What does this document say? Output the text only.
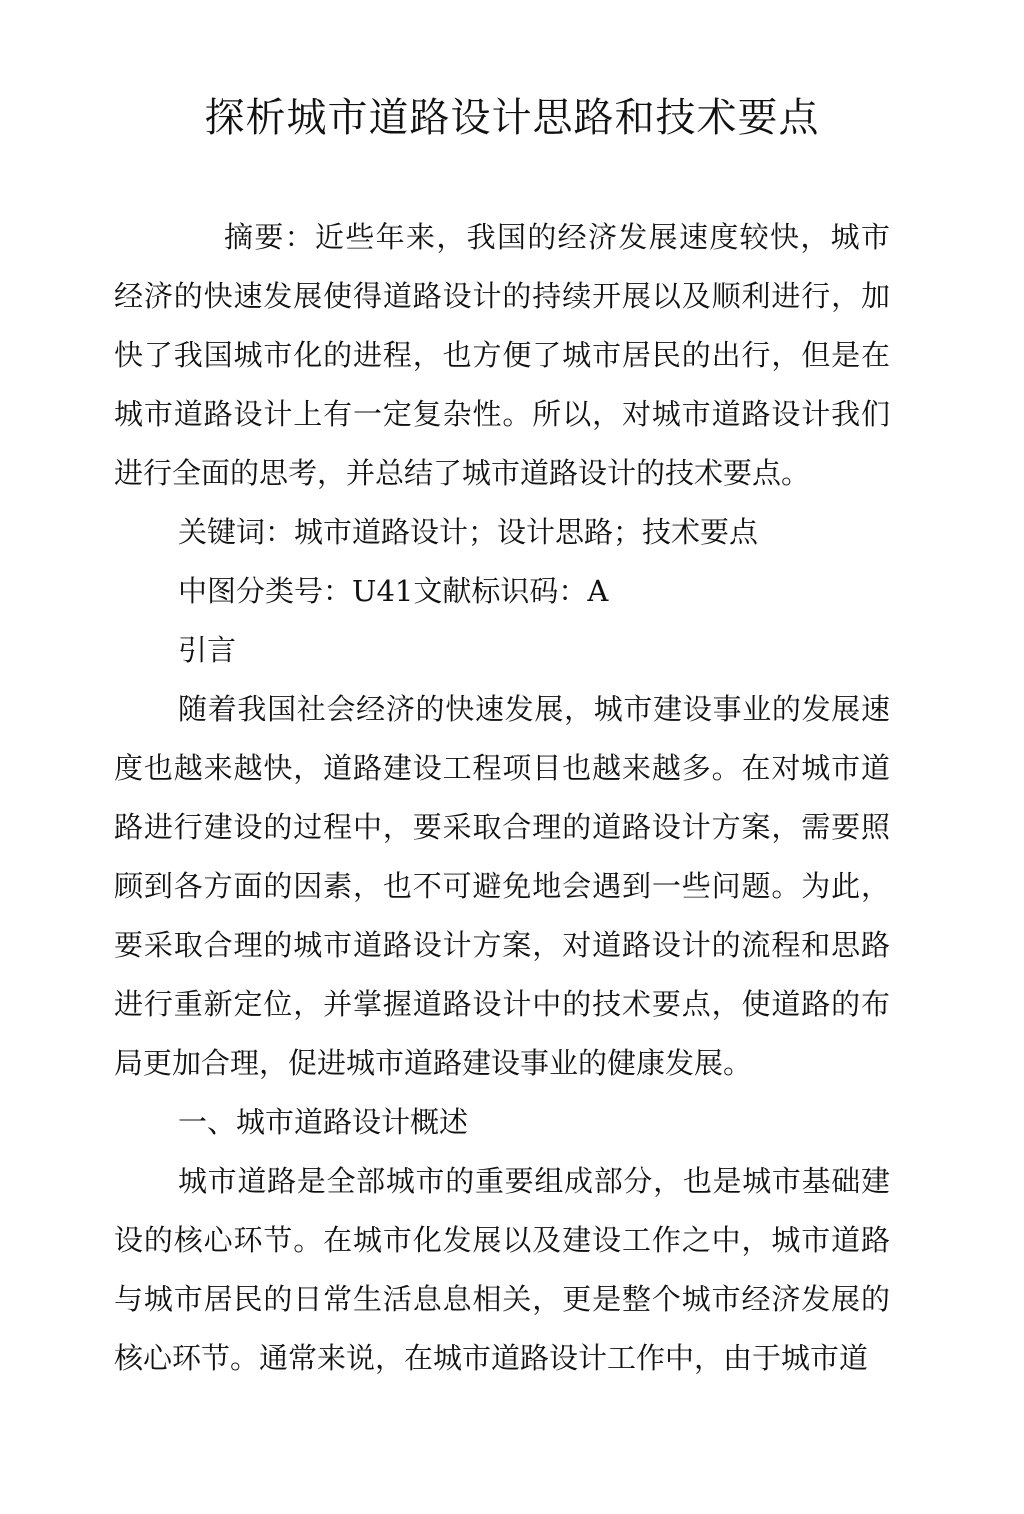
探析城市道路设计思路和技术要点

摘要：近些年来，我国的经济发展速度较快，城市经济的快速发展使得道路设计的持续开展以及顺利进行，加快了我国城市化的进程，也方便了城市居民的出行，但是在城市道路设计上有一定复杂性。所以，对城市道路设计我们进行全面的思考，并总结了城市道路设计的技术要点。

关键词：城市道路设计；设计思路；技术要点

中图分类号：U41文献标识码：A

引言

随着我国社会经济的快速发展，城市建设事业的发展速度也越来越快，道路建设工程项目也越来越多。在对城市道路进行建设的过程中，要采取合理的道路设计方案，需要照顾到各方面的因素，也不可避免地会遇到一些问题。为此，要采取合理的城市道路设计方案，对道路设计的流程和思路进行重新定位，并掌握道路设计中的技术要点，使道路的布局更加合理，促进城市道路建设事业的健康发展。

一、城市道路设计概述

城市道路是全部城市的重要组成部分，也是城市基础建设的核心环节。在城市化发展以及建设工作之中，城市道路与城市居民的日常生活息息相关，更是整个城市经济发展的核心环节。通常来说，在城市道路设计工作中，由于城市道
